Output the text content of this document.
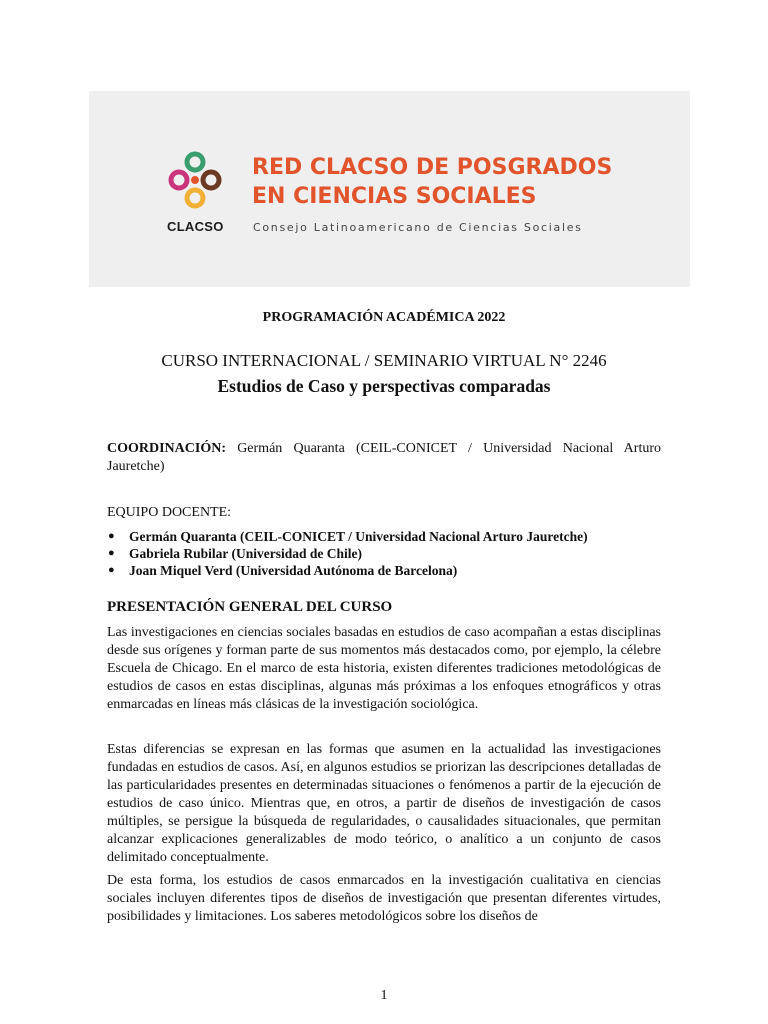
CLACSO
RED CLACSO DE POSGRADOS
EN CIENCIAS SOCIALES
Consejo Latinoamericano de Ciencias Sociales
PROGRAMACIÓN ACADÉMICA 2022
CURSO INTERNACIONAL / SEMINARIO VIRTUAL N° 2246
Estudios de Caso y perspectivas comparadas
COORDINACIÓN: Germán Quaranta (CEIL-CONICET / Universidad Nacional Arturo Jauretche)
EQUIPO DOCENTE:
● Germán Quaranta (CEIL-CONICET / Universidad Nacional Arturo Jauretche)
● Gabriela Rubilar (Universidad de Chile)
● Joan Miquel Verd (Universidad Autónoma de Barcelona)
PRESENTACIÓN GENERAL DEL CURSO
Las investigaciones en ciencias sociales basadas en estudios de caso acompañan a estas disciplinas desde sus orígenes y forman parte de sus momentos más destacados como, por ejemplo, la célebre Escuela de Chicago. En el marco de esta historia, existen diferentes tradiciones metodológicas de estudios de casos en estas disciplinas, algunas más próximas a los enfoques etnográficos y otras enmarcadas en líneas más clásicas de la investigación sociológica.
Estas diferencias se expresan en las formas que asumen en la actualidad las investigaciones fundadas en estudios de casos. Así, en algunos estudios se priorizan las descripciones detalladas de las particularidades presentes en determinadas situaciones o fenómenos a partir de la ejecución de estudios de caso único. Mientras que, en otros, a partir de diseños de investigación de casos múltiples, se persigue la búsqueda de regularidades, o causalidades situacionales, que permitan alcanzar explicaciones generalizables de modo teórico, o analítico a un conjunto de casos delimitado conceptualmente.
De esta forma, los estudios de casos enmarcados en la investigación cualitativa en ciencias sociales incluyen diferentes tipos de diseños de investigación que presentan diferentes virtudes, posibilidades y limitaciones. Los saberes metodológicos sobre los diseños de
1
